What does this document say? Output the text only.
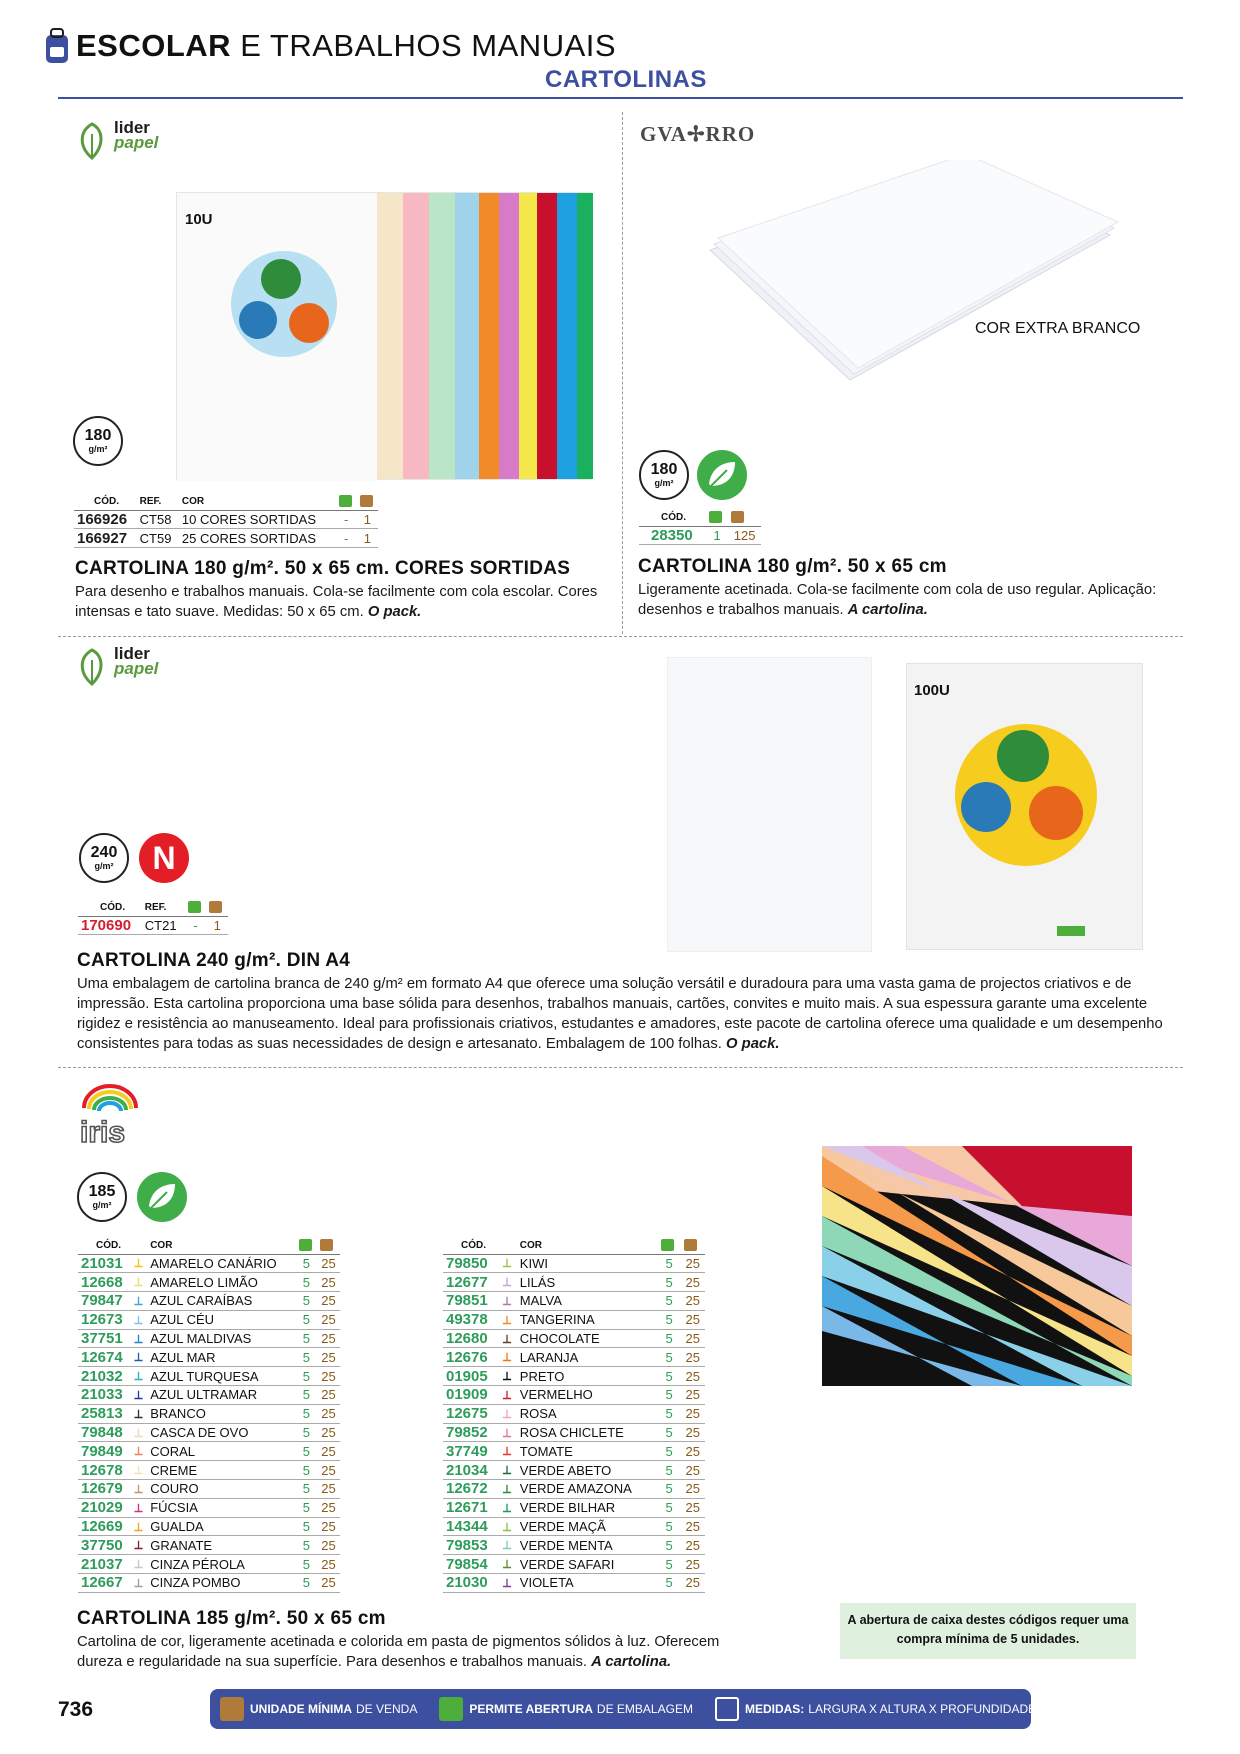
ESCOLAR E TRABALHOS MANUAIS
CARTOLINAS
lider
papel
10U
180
g/m²
CÓD.	REF.	COR		
166926	CT58	10 CORES SORTIDAS	-	1
166927	CT59	25 CORES SORTIDAS	-	1
CARTOLINA 180 g/m². 50 x 65 cm. CORES SORTIDAS
Para desenho e trabalhos manuais. Cola-se facilmente com cola escolar. Cores intensas e tato suave. Medidas: 50 x 65 cm. O pack.
GVA✢RRO
COR EXTRA BRANCO
180
g/m²
CÓD.		
28350	1	125
CARTOLINA 180 g/m². 50 x 65 cm
Ligeramente acetinada. Cola-se facilmente com cola de uso regular. Aplicação: desenhos e trabalhos manuais. A cartolina.
lider
papel
100U
240
g/m²	N
CÓD.	REF.		
170690	CT21	-	1
CARTOLINA 240 g/m². DIN A4
Uma embalagem de cartolina branca de 240 g/m² em formato A4 que oferece uma solução versátil e duradoura para uma vasta gama de projectos criativos e de impressão. Esta cartolina proporciona uma base sólida para desenhos, trabalhos manuais, cartões, convites e muito mais. A sua espessura garante uma excelente rigidez e resistência ao manuseamento. Ideal para profissionais criativos, estudantes e amadores, este pacote de cartolina oferece uma qualidade e um desempenho consistentes para todas as suas necessidades de design e artesanato. Embalagem de 100 folhas. O pack.
iris
185
g/m²
CÓD.		COR		
21031	⟂	AMARELO CANÁRIO	5	25
12668	⟂	AMARELO LIMÃO	5	25
79847	⟂	AZUL CARAÍBAS	5	25
12673	⟂	AZUL CÉU	5	25
37751	⟂	AZUL MALDIVAS	5	25
12674	⟂	AZUL MAR	5	25
21032	⟂	AZUL TURQUESA	5	25
21033	⟂	AZUL ULTRAMAR	5	25
25813	⟂	BRANCO	5	25
79848	⟂	CASCA DE OVO	5	25
79849	⟂	CORAL	5	25
12678	⟂	CREME	5	25
12679	⟂	COURO	5	25
21029	⟂	FÚCSIA	5	25
12669	⟂	GUALDA	5	25
37750	⟂	GRANATE	5	25
21037	⟂	CINZA PÉROLA	5	25
12667	⟂	CINZA POMBO	5	25
CÓD.		COR		
79850	⟂	KIWI	5	25
12677	⟂	LILÁS	5	25
79851	⟂	MALVA	5	25
49378	⟂	TANGERINA	5	25
12680	⟂	CHOCOLATE	5	25
12676	⟂	LARANJA	5	25
01905	⟂	PRETO	5	25
01909	⟂	VERMELHO	5	25
12675	⟂	ROSA	5	25
79852	⟂	ROSA CHICLETE	5	25
37749	⟂	TOMATE	5	25
21034	⟂	VERDE ABETO	5	25
12672	⟂	VERDE AMAZONA	5	25
12671	⟂	VERDE BILHAR	5	25
14344	⟂	VERDE MAÇÃ	5	25
79853	⟂	VERDE MENTA	5	25
79854	⟂	VERDE SAFARI	5	25
21030	⟂	VIOLETA	5	25
CARTOLINA 185 g/m². 50 x 65 cm
Cartolina de cor, ligeramente acetinada e colorida em pasta de pigmentos sólidos à luz. Oferecem dureza e regularidade na sua superfície. Para desenhos e trabalhos manuais. A cartolina.
A abertura de caixa destes códigos requer uma compra mínima de 5 unidades.
736	UNIDADE MÍNIMA DE VENDA	PERMITE ABERTURA DE EMBALAGEM	MEDIDAS: LARGURA X ALTURA X PROFUNDIDADE
